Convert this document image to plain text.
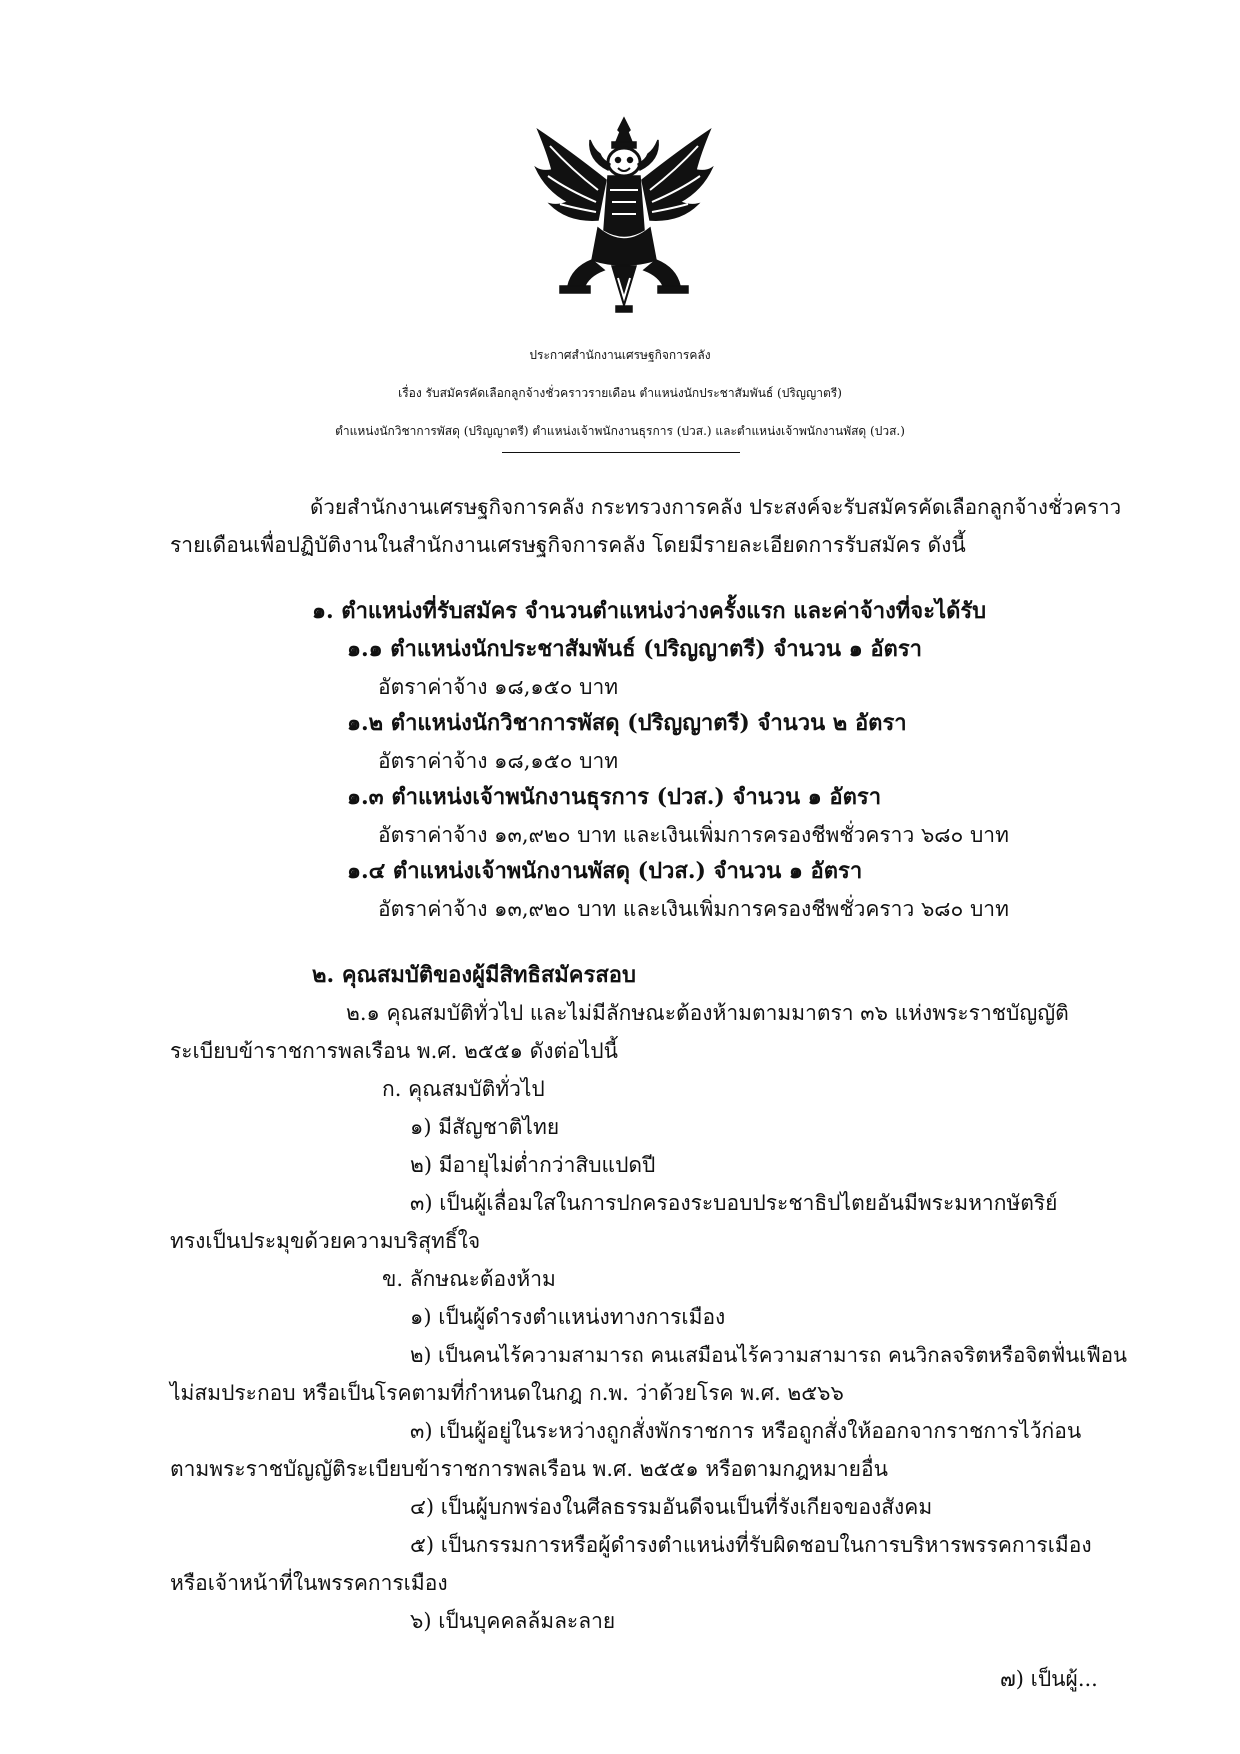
ประกาศสำนักงานเศรษฐกิจการคลัง
เรื่อง รับสมัครคัดเลือกลูกจ้างชั่วคราวรายเดือน ตำแหน่งนักประชาสัมพันธ์ (ปริญญาตรี)
ตำแหน่งนักวิชาการพัสดุ (ปริญญาตรี) ตำแหน่งเจ้าพนักงานธุรการ (ปวส.) และตำแหน่งเจ้าพนักงานพัสดุ (ปวส.)
ด้วยสำนักงานเศรษฐกิจการคลัง กระทรวงการคลัง ประสงค์จะรับสมัครคัดเลือกลูกจ้างชั่วคราว
รายเดือนเพื่อปฏิบัติงานในสำนักงานเศรษฐกิจการคลัง โดยมีรายละเอียดการรับสมัคร ดังนี้
๑. ตำแหน่งที่รับสมัคร จำนวนตำแหน่งว่างครั้งแรก และค่าจ้างที่จะได้รับ
๑.๑ ตำแหน่งนักประชาสัมพันธ์ (ปริญญาตรี) จำนวน ๑ อัตรา
อัตราค่าจ้าง ๑๘,๑๕๐ บาท
๑.๒ ตำแหน่งนักวิชาการพัสดุ (ปริญญาตรี) จำนวน ๒ อัตรา
อัตราค่าจ้าง ๑๘,๑๕๐ บาท
๑.๓ ตำแหน่งเจ้าพนักงานธุรการ (ปวส.) จำนวน ๑ อัตรา
อัตราค่าจ้าง ๑๓,๙๒๐ บาท และเงินเพิ่มการครองชีพชั่วคราว ๖๘๐ บาท
๑.๔ ตำแหน่งเจ้าพนักงานพัสดุ (ปวส.) จำนวน ๑ อัตรา
อัตราค่าจ้าง ๑๓,๙๒๐ บาท และเงินเพิ่มการครองชีพชั่วคราว ๖๘๐ บาท
๒. คุณสมบัติของผู้มีสิทธิสมัครสอบ
๒.๑ คุณสมบัติทั่วไป และไม่มีลักษณะต้องห้ามตามมาตรา ๓๖ แห่งพระราชบัญญัติ
ระเบียบข้าราชการพลเรือน พ.ศ. ๒๕๕๑ ดังต่อไปนี้
ก. คุณสมบัติทั่วไป
๑) มีสัญชาติไทย
๒) มีอายุไม่ต่ำกว่าสิบแปดปี
๓) เป็นผู้เลื่อมใสในการปกครองระบอบประชาธิปไตยอันมีพระมหากษัตริย์
ทรงเป็นประมุขด้วยความบริสุทธิ์ใจ
ข. ลักษณะต้องห้าม
๑) เป็นผู้ดำรงตำแหน่งทางการเมือง
๒) เป็นคนไร้ความสามารถ คนเสมือนไร้ความสามารถ คนวิกลจริตหรือจิตฟั่นเฟือน
ไม่สมประกอบ หรือเป็นโรคตามที่กำหนดในกฎ ก.พ. ว่าด้วยโรค พ.ศ. ๒๕๖๖
๓) เป็นผู้อยู่ในระหว่างถูกสั่งพักราชการ หรือถูกสั่งให้ออกจากราชการไว้ก่อน
ตามพระราชบัญญัติระเบียบข้าราชการพลเรือน พ.ศ. ๒๕๕๑ หรือตามกฎหมายอื่น
๔) เป็นผู้บกพร่องในศีลธรรมอันดีจนเป็นที่รังเกียจของสังคม
๕) เป็นกรรมการหรือผู้ดำรงตำแหน่งที่รับผิดชอบในการบริหารพรรคการเมือง
หรือเจ้าหน้าที่ในพรรคการเมือง
๖) เป็นบุคคลล้มละลาย
๗) เป็นผู้...
